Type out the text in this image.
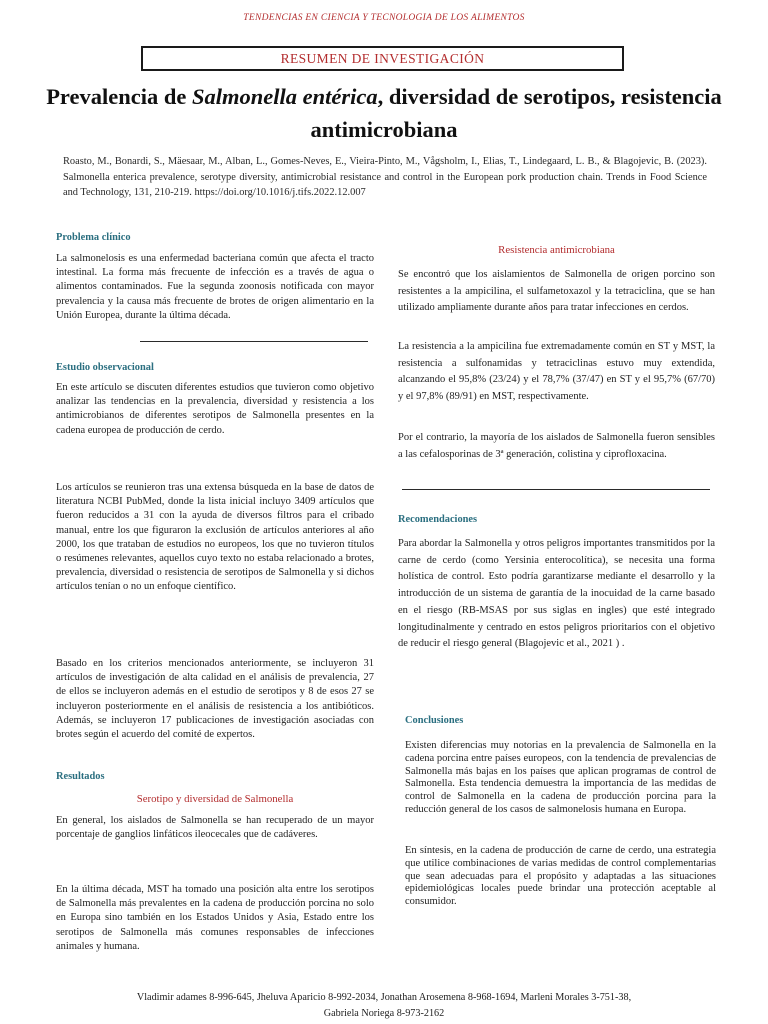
TENDENCIAS EN CIENCIA Y TECNOLOGIA DE LOS ALIMENTOS
RESUMEN DE INVESTIGACIÓN
Prevalencia de Salmonella entérica, diversidad de serotipos, resistencia antimicrobiana
Roasto, M., Bonardi, S., Mäesaar, M., Alban, L., Gomes-Neves, E., Vieira-Pinto, M., Vågsholm, I., Elias, T., Lindegaard, L. B., & Blagojevic, B. (2023). Salmonella enterica prevalence, serotype diversity, antimicrobial resistance and control in the European pork production chain. Trends in Food Science and Technology, 131, 210-219. https://doi.org/10.1016/j.tifs.2022.12.007
Problema clínico

La salmonelosis es una enfermedad bacteriana común que afecta el tracto intestinal. La forma más frecuente de infección es a través de agua o alimentos contaminados. Fue la segunda zoonosis notificada con mayor prevalencia y la causa más frecuente de brotes de origen alimentario en la Unión Europea, durante la última década.

Estudio observacional

En este artículo se discuten diferentes estudios que tuvieron como objetivo analizar las tendencias en la prevalencia, diversidad y resistencia a los antimicrobianos de diferentes serotipos de Salmonella presentes en la cadena europea de producción de cerdo.

Los artículos se reunieron tras una extensa búsqueda en la base de datos de literatura NCBI PubMed, donde la lista inicial incluyo 3409 artículos que fueron reducidos a 31 con la ayuda de diversos filtros para el cribado manual, entre los que figuraron la exclusión de artículos anteriores al año 2000, los que trataban de estudios no europeos, los que no tuvieron títulos o resúmenes relevantes, aquellos cuyo texto no estaba relacionado a brotes, prevalencia, diversidad o resistencia de serotipos de Salmonella y si dichos artículos tenían o no un enfoque científico.

Basado en los criterios mencionados anteriormente, se incluyeron 31 artículos de investigación de alta calidad en el análisis de prevalencia, 27 de ellos se incluyeron además en el estudio de serotipos y 8 de esos 27 se incluyeron posteriormente en el análisis de resistencia a los antibióticos. Además, se incluyeron 17 publicaciones de investigación asociadas con brotes según el acuerdo del comité de expertos.

Resultados
Serotipo y diversidad de Salmonella

En general, los aislados de Salmonella se han recuperado de un mayor porcentaje de ganglios linfáticos ileocecales que de cadáveres.

En la última década, MST ha tomado una posición alta entre los serotipos de Salmonella más prevalentes en la cadena de producción porcina no solo en Europa sino también en los Estados Unidos y Asia, Estado entre los serotipos de Salmonella más comunes responsables de infecciones animales y humana.

Resistencia antimicrobiana

Se encontró que los aislamientos de Salmonella de origen porcino son resistentes a la ampicilina, el sulfametoxazol y la tetraciclina, que se han utilizado ampliamente durante años para tratar infecciones en cerdos.

La resistencia a la ampicilina fue extremadamente común en ST y MST, la resistencia a sulfonamidas y tetraciclinas estuvo muy extendida, alcanzando el 95,8% (23/24) y el 78,7% (37/47) en ST y el 95,7% (67/70) y el 97,8% (89/91) en MST, respectivamente.

Por el contrario, la mayoría de los aislados de Salmonella fueron sensibles a las cefalosporinas de 3ª generación, colistina y ciprofloxacina.

Recomendaciones

Para abordar la Salmonella y otros peligros importantes transmitidos por la carne de cerdo (como Yersinia enterocolítica), se necesita una forma holística de control. Esto podría garantizarse mediante el desarrollo y la introducción de un sistema de garantía de la inocuidad de la carne basado en el riesgo (RB-MSAS por sus siglas en ingles) que esté integrado longitudinalmente y centrado en estos peligros prioritarios con el objetivo de reducir el riesgo general (Blagojevic et al., 2021 ) .

Conclusiones

Existen diferencias muy notorias en la prevalencia de Salmonella en la cadena porcina entre países europeos, con la tendencia de prevalencias de Salmonella más bajas en los países que aplican programas de control de Salmonella. Esta tendencia demuestra la importancia de las medidas de control de Salmonella en la cadena de producción porcina para la reducción general de los casos de salmonelosis humana en Europa.

En síntesis, en la cadena de producción de carne de cerdo, una estrategia que utilice combinaciones de varias medidas de control complementarias que sean adecuadas para el propósito y adaptadas a las situaciones epidemiológicas locales puede brindar una protección aceptable al consumidor.

Vladimir adames 8-996-645, Jheluva Aparicio 8-992-2034, Jonathan Arosemena 8-968-1694, Marleni Morales 3-751-38,
Gabriela Noriega 8-973-2162
